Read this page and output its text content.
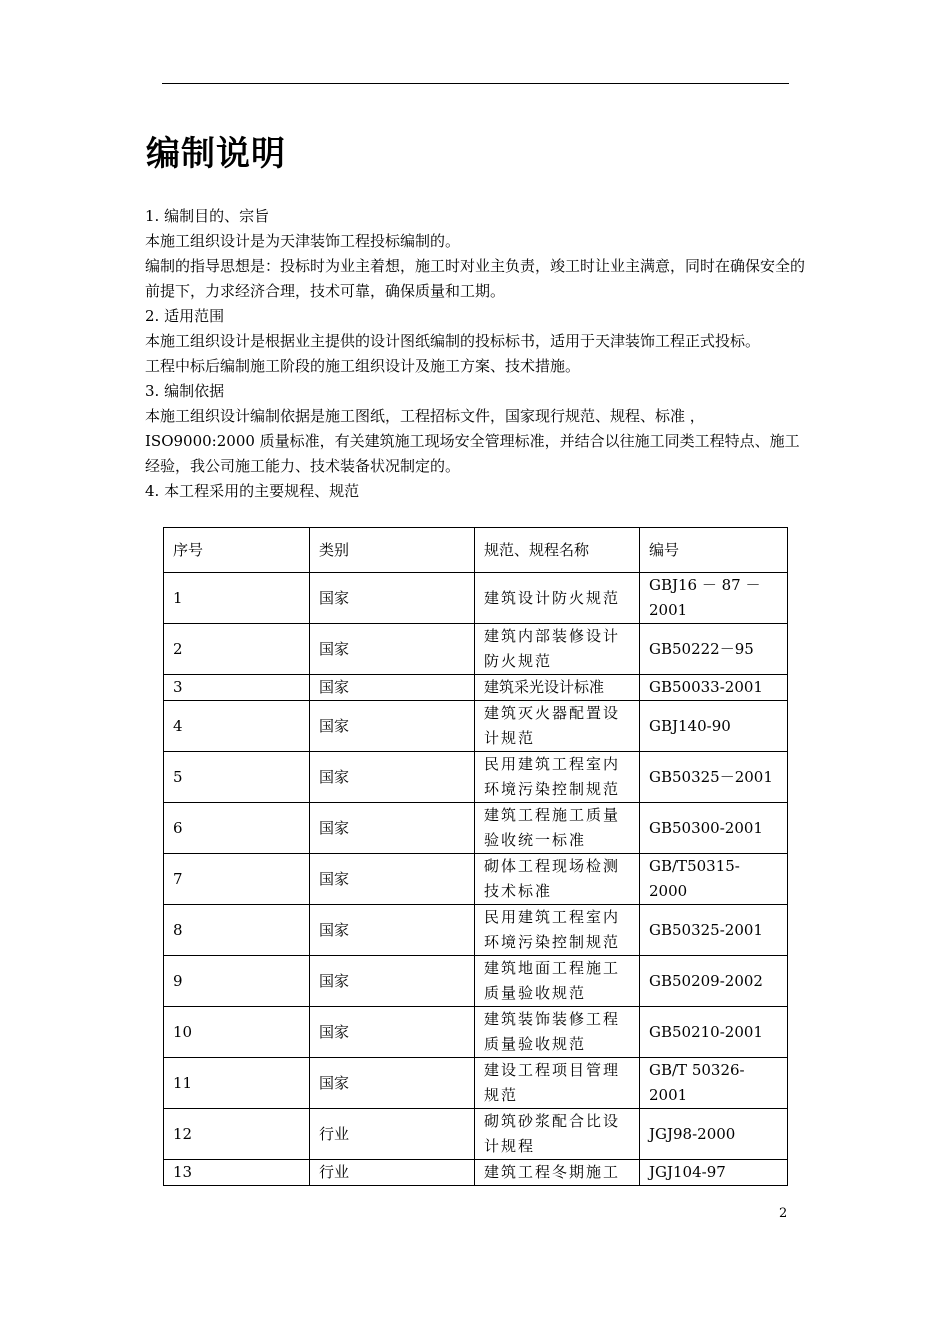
编制说明

1. 编制目的、宗旨

本施工组织设计是为天津装饰工程投标编制的。

编制的指导思想是：投标时为业主着想，施工时对业主负责，竣工时让业主满意，同时在确保安全的前提下，力求经济合理，技术可靠，确保质量和工期。

2. 适用范围

本施工组织设计是根据业主提供的设计图纸编制的投标标书，适用于天津装饰工程正式投标。

工程中标后编制施工阶段的施工组织设计及施工方案、技术措施。

3. 编制依据

本施工组织设计编制依据是施工图纸，工程招标文件，国家现行规范、规程、标准 ，ISO9000:2000 质量标准，有关建筑施工现场安全管理标准，并结合以往施工同类工程特点、施工经验，我公司施工能力、技术装备状况制定的。

4. 本工程采用的主要规程、规范

序号	类别	规范、规程名称	编号
1	国家	建筑设计防火规范	GBJ16 － 87 －2001
2	国家	建筑内部装修设计防火规范	GB50222－95
3	国家	建筑采光设计标准	GB50033-2001
4	国家	建筑灭火器配置设计规范	GBJ140-90
5	国家	民用建筑工程室内环境污染控制规范	GB50325－2001
6	国家	建筑工程施工质量验收统一标准	GB50300-2001
7	国家	砌体工程现场检测技术标准	GB/T50315-2000
8	国家	民用建筑工程室内环境污染控制规范	GB50325-2001
9	国家	建筑地面工程施工质量验收规范	GB50209-2002
10	国家	建筑装饰装修工程质量验收规范	GB50210-2001
11	国家	建设工程项目管理规范	GB/T 50326-2001
12	行业	砌筑砂浆配合比设计规程	JGJ98-2000
13	行业	建筑工程冬期施工	JGJ104-97
2
